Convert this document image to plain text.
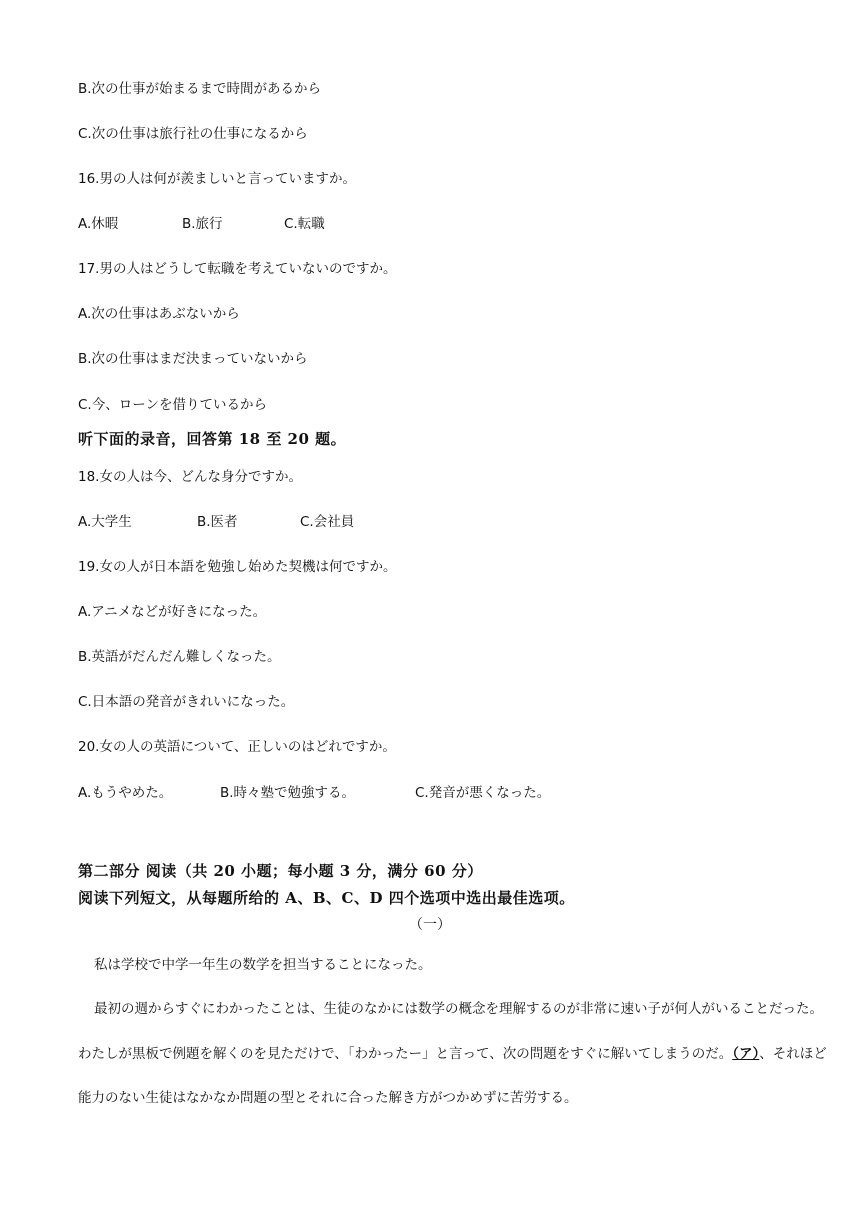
B.次の仕事が始まるまで時間があるから
C.次の仕事は旅行社の仕事になるから
16.男の人は何が羨ましいと言っていますか。
A.休暇	B.旅行	C.転職
17.男の人はどうして転職を考えていないのですか。
A.次の仕事はあぶないから
B.次の仕事はまだ決まっていないから
C.今、ローンを借りているから
听下面的录音，回答第 18 至 20 题。
18.女の人は今、どんな身分ですか。
A.大学生	B.医者	C.会社員
19.女の人が日本語を勉強し始めた契機は何ですか。
A.アニメなどが好きになった。
B.英語がだんだん難しくなった。
C.日本語の発音がきれいになった。
20.女の人の英語について、正しいのはどれですか。
A.もうやめた。	B.時々塾で勉強する。	C.発音が悪くなった。
第二部分 阅读（共 20 小题；每小题 3 分，满分 60 分）
阅读下列短文，从每题所给的 A、B、C、D 四个选项中选出最佳选项。
（一）
私は学校で中学一年生の数学を担当することになった。
最初の週からすぐにわかったことは、生徒のなかには数学の概念を理解するのが非常に速い子が何人がいることだった。
わたしが黒板で例題を解くのを見ただけで、「わかったー」と言って、次の問題をすぐに解いてしまうのだ。（ア）、それほど
能力のない生徒はなかなか問題の型とそれに合った解き方がつかめずに苦労する。
